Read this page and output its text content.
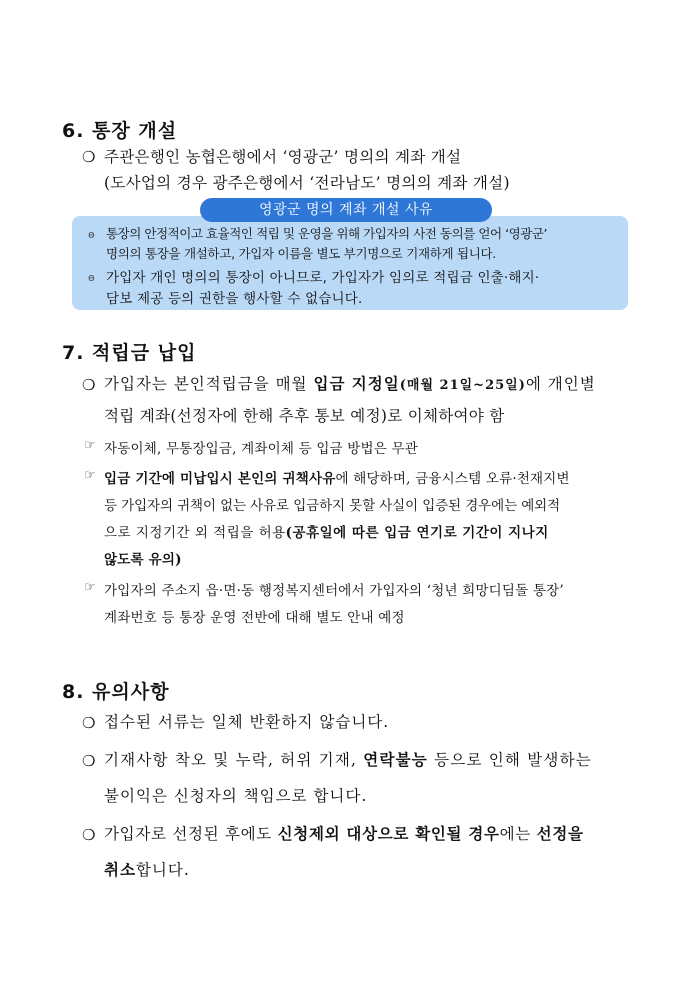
6. 통장 개설
❍ 주관은행인 농협은행에서 ‘영광군’ 명의의 계좌 개설
(도사업의 경우 광주은행에서 ‘전라남도’ 명의의 계좌 개설)
영광군 명의 계좌 개설 사유
ɵ 통장의 안정적이고 효율적인 적립 및 운영을 위해 가입자의 사전 동의를 얻어 ‘영광군’
명의의 통장을 개설하고, 가입자 이름을 별도 부기명으로 기재하게 됩니다.
ɵ 가입자 개인 명의의 통장이 아니므로, 가입자가 임의로 적립금 인출·해지·
담보 제공 등의 권한을 행사할 수 없습니다.
7. 적립금 납입
❍ 가입자는 본인적립금을 매월 입금 지정일(매월 21일~25일)에 개인별
적립 계좌(선정자에 한해 추후 통보 예정)로 이체하여야 함
☞ 자동이체, 무통장입금, 계좌이체 등 입금 방법은 무관
☞ 입금 기간에 미납입시 본인의 귀책사유에 해당하며, 금융시스템 오류·천재지변
등 가입자의 귀책이 없는 사유로 입금하지 못할 사실이 입증된 경우에는 예외적
으로 지정기간 외 적립을 허용(공휴일에 따른 입금 연기로 기간이 지나지
않도록 유의)
☞ 가입자의 주소지 읍·면·동 행정복지센터에서 가입자의 ‘청년 희망디딤돌 통장’
계좌번호 등 통장 운영 전반에 대해 별도 안내 예정
8. 유의사항
❍ 접수된 서류는 일체 반환하지 않습니다.
❍ 기재사항 착오 및 누락, 허위 기재, 연락불능 등으로 인해 발생하는
불이익은 신청자의 책임으로 합니다.
❍ 가입자로 선정된 후에도 신청제외 대상으로 확인될 경우에는 선정을
취소합니다.
